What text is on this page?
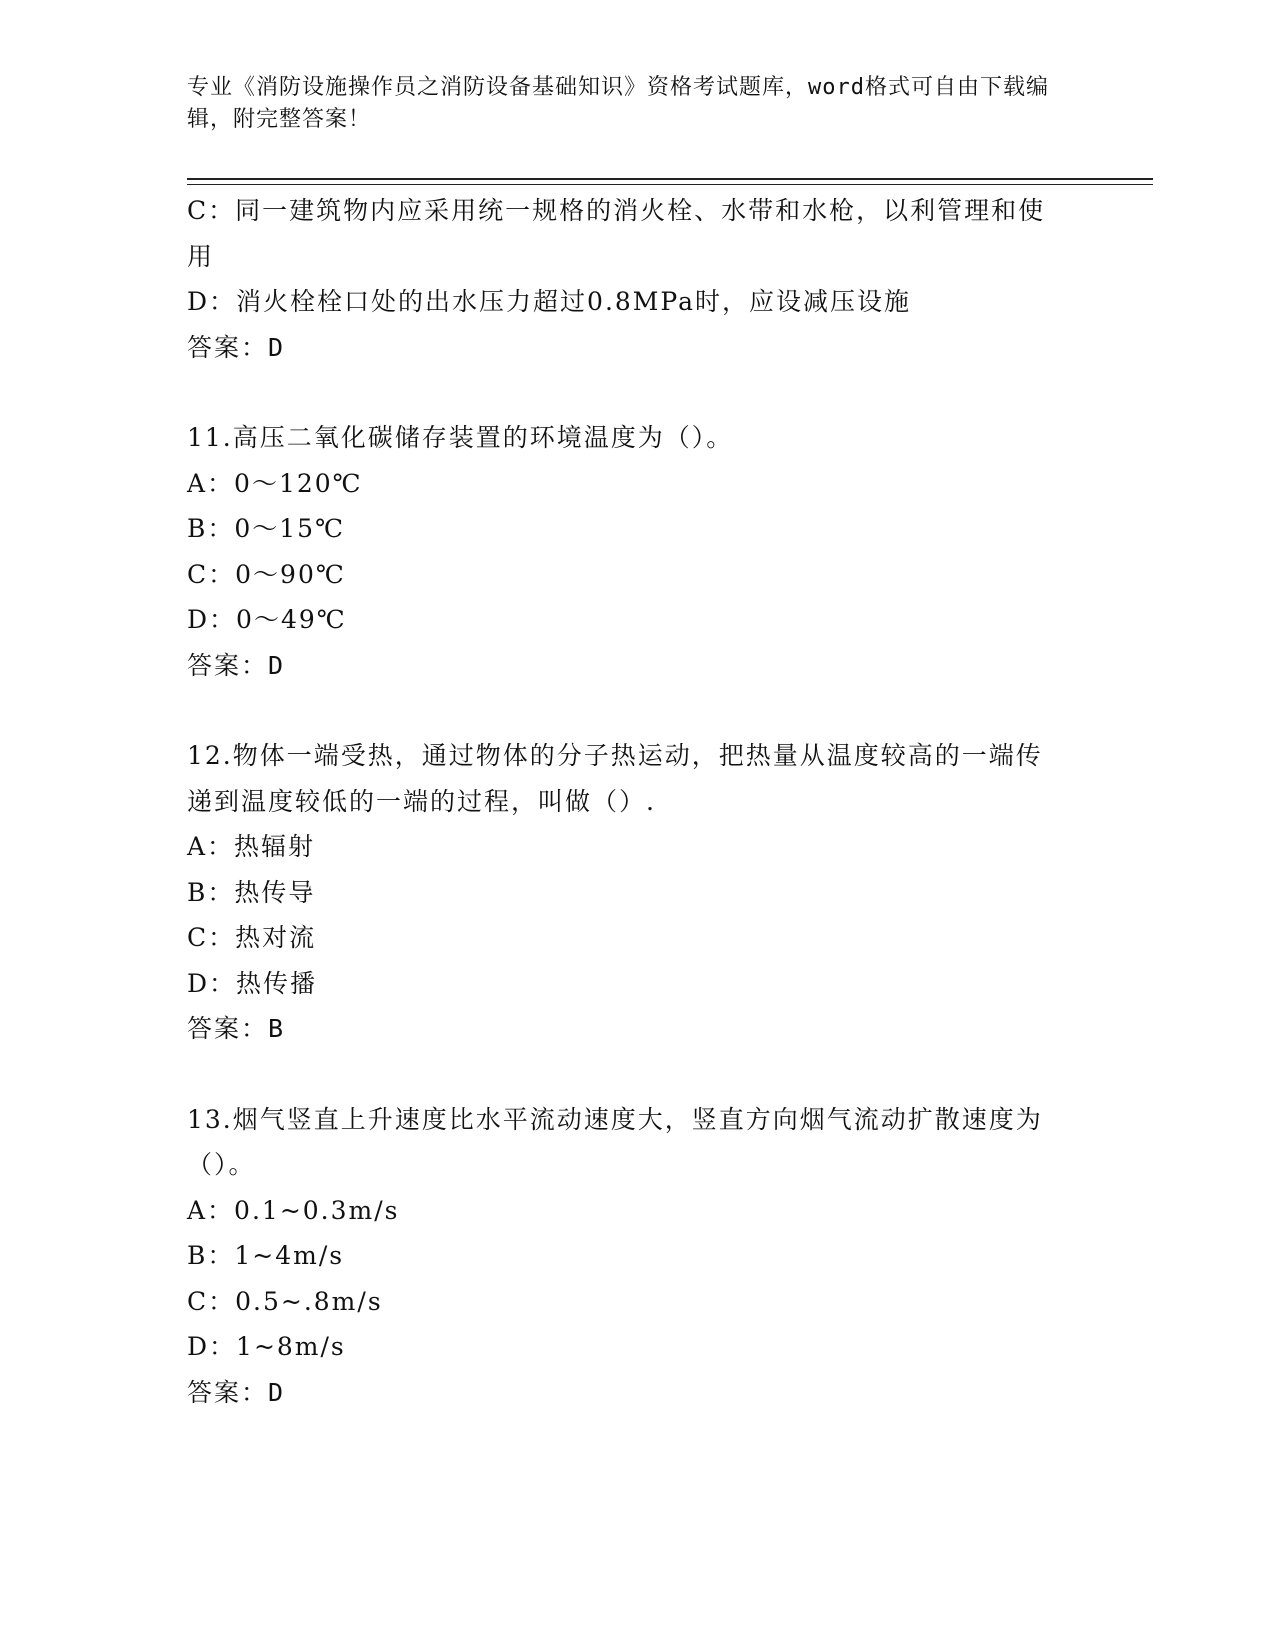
专业《消防设施操作员之消防设备基础知识》资格考试题库，word格式可自由下载编辑，附完整答案！
C：同一建筑物内应采用统一规格的消火栓、水带和水枪，以利管理和使用
D：消火栓栓口处的出水压力超过0.8MPa时，应设减压设施
答案：D
11.高压二氧化碳储存装置的环境温度为（）。
A：0～120℃
B：0～15℃
C：0～90℃
D：0～49℃
答案：D
12.物体一端受热，通过物体的分子热运动，把热量从温度较高的一端传递到温度较低的一端的过程，叫做（）.
A：热辐射
B：热传导
C：热对流
D：热传播
答案：B
13.烟气竖直上升速度比水平流动速度大，竖直方向烟气流动扩散速度为（）。
A：0.1~0.3m/s
B：1~4m/s
C：0.5~.8m/s
D：1~8m/s
答案：D
